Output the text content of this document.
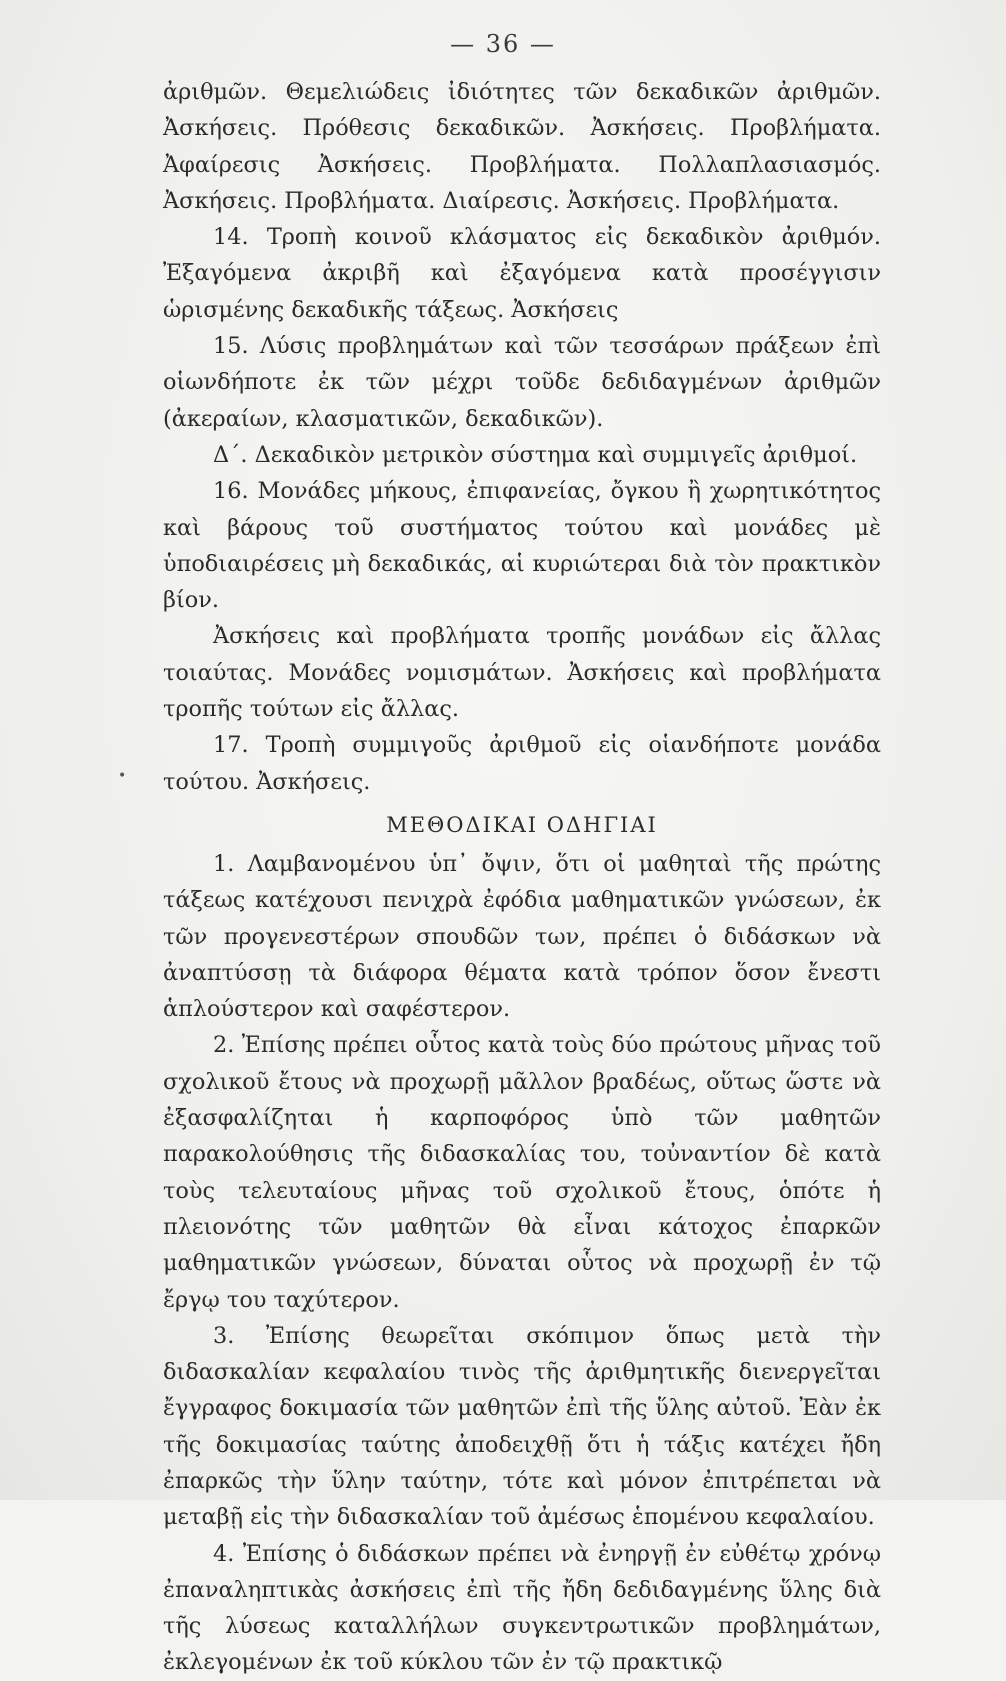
— 36 —
•

ἀριθμῶν. Θεμελιώδεις ἰδιότητες τῶν δεκαδικῶν ἀριθμῶν. Ἀσκήσεις. Πρόθεσις δεκαδικῶν. Ἀσκήσεις. Προβλήματα. Ἀφαίρεσις Ἀσκήσεις. Προβλήματα. Πολλαπλασιασμός. Ἀσκήσεις. Προβλήματα. Διαίρεσις. Ἀσκήσεις. Προβλήματα.

14. Τροπὴ κοινοῦ κλάσματος εἰς δεκαδικὸν ἀριθμόν. Ἐξαγόμενα ἀκριβῆ καὶ ἐξαγόμενα κατὰ προσέγγισιν ὡρισμένης δεκαδικῆς τάξεως. Ἀσκήσεις

15. Λύσις προβλημάτων καὶ τῶν τεσσάρων πράξεων ἐπὶ οἱωνδήποτε ἐκ τῶν μέχρι τοῦδε δεδιδαγμένων ἀριθμῶν (ἀκεραίων, κλασματικῶν, δεκαδικῶν).

Δ΄. Δεκαδικὸν μετρικὸν σύστημα καὶ συμμιγεῖς ἀριθμοί.

16. Μονάδες μήκους, ἐπιφανείας, ὄγκου ἢ χωρητικότητος καὶ βάρους τοῦ συστήματος τούτου καὶ μονάδες μὲ ὑποδιαιρέσεις μὴ δεκαδικάς, αἱ κυριώτεραι διὰ τὸν πρακτικὸν βίον.

Ἀσκήσεις καὶ προβλήματα τροπῆς μονάδων εἰς ἄλλας τοιαύτας. Μονάδες νομισμάτων. Ἀσκήσεις καὶ προβλήματα τροπῆς τούτων εἰς ἄλλας.

17. Τροπὴ συμμιγοῦς ἀριθμοῦ εἰς οἱανδήποτε μονάδα τούτου. Ἀσκήσεις.

ΜΕΘΟΔΙΚΑΙ ΟΔΗΓΙΑΙ

1. Λαμβανομένου ὑπ᾽ ὄψιν, ὅτι οἱ μαθηταὶ τῆς πρώτης τάξεως κατέχουσι πενιχρὰ ἐφόδια μαθηματικῶν γνώσεων, ἐκ τῶν προγενεστέρων σπουδῶν των, πρέπει ὁ διδάσκων νὰ ἀναπτύσσῃ τὰ διάφορα θέματα κατὰ τρόπον ὅσον ἔνεστι ἁπλούστερον καὶ σαφέστερον.

2. Ἐπίσης πρέπει οὗτος κατὰ τοὺς δύο πρώτους μῆνας τοῦ σχολικοῦ ἔτους νὰ προχωρῇ μᾶλλον βραδέως, οὕτως ὥστε νὰ ἐξασφαλίζηται ἡ καρποφόρος ὑπὸ τῶν μαθητῶν παρακολούθησις τῆς διδασκαλίας του, τοὐναντίον δὲ κατὰ τοὺς τελευταίους μῆνας τοῦ σχολικοῦ ἔτους, ὁπότε ἡ πλειονότης τῶν μαθητῶν θὰ εἶναι κάτοχος ἐπαρκῶν μαθηματικῶν γνώσεων, δύναται οὗτος νὰ προχωρῇ ἐν τῷ ἔργῳ του ταχύτερον.

3. Ἐπίσης θεωρεῖται σκόπιμον ὅπως μετὰ τὴν διδασκαλίαν κεφαλαίου τινὸς τῆς ἀριθμητικῆς διενεργεῖται ἔγγραφος δοκιμασία τῶν μαθητῶν ἐπὶ τῆς ὕλης αὐτοῦ. Ἐὰν ἐκ τῆς δοκιμασίας ταύτης ἀποδειχθῇ ὅτι ἡ τάξις κατέχει ἤδη ἐπαρκῶς τὴν ὕλην ταύτην, τότε καὶ μόνον ἐπιτρέπεται νὰ μεταβῇ εἰς τὴν διδασκαλίαν τοῦ ἀμέσως ἑπομένου κεφαλαίου.

4. Ἐπίσης ὁ διδάσκων πρέπει νὰ ἐνηργῇ ἐν εὐθέτῳ χρόνῳ ἐπαναληπτικὰς ἀσκήσεις ἐπὶ τῆς ἤδη δεδιδαγμένης ὕλης διὰ τῆς λύσεως καταλλήλων συγκεντρωτικῶν προβλημάτων, ἐκλεγομένων ἐκ τοῦ κύκλου τῶν ἐν τῷ πρακτικῷ
